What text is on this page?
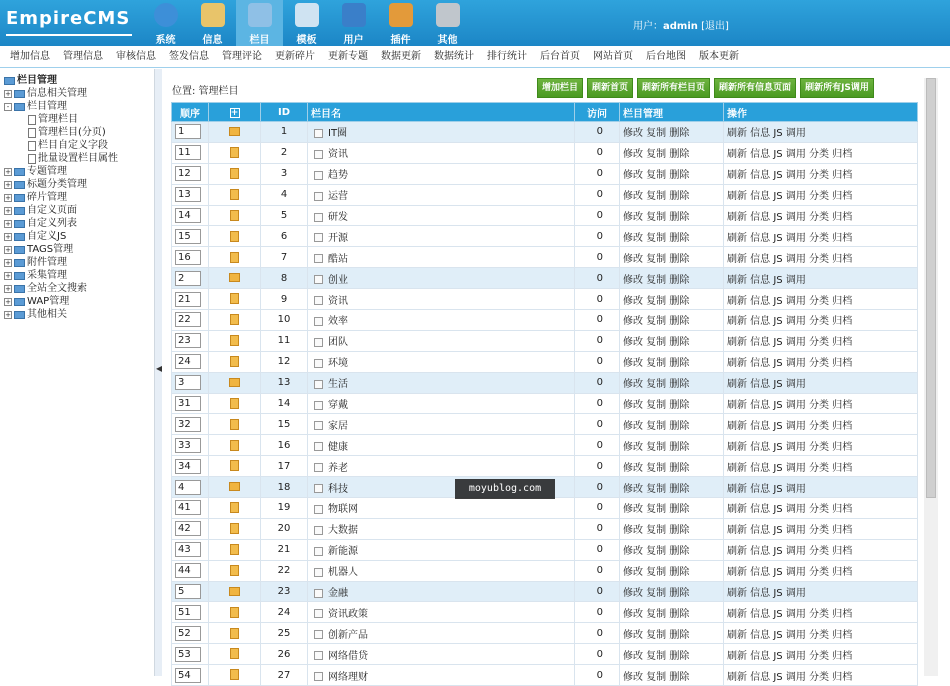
EmpireCMS
系统	信息	栏目	模板	用户	插件	其他
用户：admin [退出]
增加信息 管理信息 审核信息 签发信息 管理评论 更新碎片 更新专题 数据更新 数据统计 排行统计 后台首页 网站首页 后台地图 版本更新
栏目管理
+ 信息相关管理
- 栏目管理
管理栏目
管理栏目(分页)
栏目自定义字段
批量设置栏目属性
+ 专题管理
+ 标题分类管理
+ 碎片管理
+ 自定义页面
+ 自定义列表
+ 自定义JS
+ TAGS管理
+ 附件管理
+ 采集管理
+ 全站全文搜索
+ WAP管理
+ 其他相关
◀
位置: 管理栏目	增加栏目	刷新首页	刷新所有栏目页	刷新所有信息页面	刷新所有JS调用
顺序	+	ID	栏目名	访问	栏目管理	操作
1		1	IT圈	0	修改 复制 删除	刷新 信息 JS 调用
11		2	资讯	0	修改 复制 删除	刷新 信息 JS 调用 分类 归档
12		3	趋势	0	修改 复制 删除	刷新 信息 JS 调用 分类 归档
13		4	运营	0	修改 复制 删除	刷新 信息 JS 调用 分类 归档
14		5	研发	0	修改 复制 删除	刷新 信息 JS 调用 分类 归档
15		6	开源	0	修改 复制 删除	刷新 信息 JS 调用 分类 归档
16		7	酷站	0	修改 复制 删除	刷新 信息 JS 调用 分类 归档
2		8	创业	0	修改 复制 删除	刷新 信息 JS 调用
21		9	资讯	0	修改 复制 删除	刷新 信息 JS 调用 分类 归档
22		10	效率	0	修改 复制 删除	刷新 信息 JS 调用 分类 归档
23		11	团队	0	修改 复制 删除	刷新 信息 JS 调用 分类 归档
24		12	环境	0	修改 复制 删除	刷新 信息 JS 调用 分类 归档
3		13	生活	0	修改 复制 删除	刷新 信息 JS 调用
31		14	穿戴	0	修改 复制 删除	刷新 信息 JS 调用 分类 归档
32		15	家居	0	修改 复制 删除	刷新 信息 JS 调用 分类 归档
33		16	健康	0	修改 复制 删除	刷新 信息 JS 调用 分类 归档
34		17	养老	0	修改 复制 删除	刷新 信息 JS 调用 分类 归档
4		18	科技	0	修改 复制 删除	刷新 信息 JS 调用
41		19	物联网	0	修改 复制 删除	刷新 信息 JS 调用 分类 归档
42		20	大数据	0	修改 复制 删除	刷新 信息 JS 调用 分类 归档
43		21	新能源	0	修改 复制 删除	刷新 信息 JS 调用 分类 归档
44		22	机器人	0	修改 复制 删除	刷新 信息 JS 调用 分类 归档
5		23	金融	0	修改 复制 删除	刷新 信息 JS 调用
51		24	资讯政策	0	修改 复制 删除	刷新 信息 JS 调用 分类 归档
52		25	创新产品	0	修改 复制 删除	刷新 信息 JS 调用 分类 归档
53		26	网络借贷	0	修改 复制 删除	刷新 信息 JS 调用 分类 归档
54		27	网络理财	0	修改 复制 删除	刷新 信息 JS 调用 分类 归档
moyublog.com
